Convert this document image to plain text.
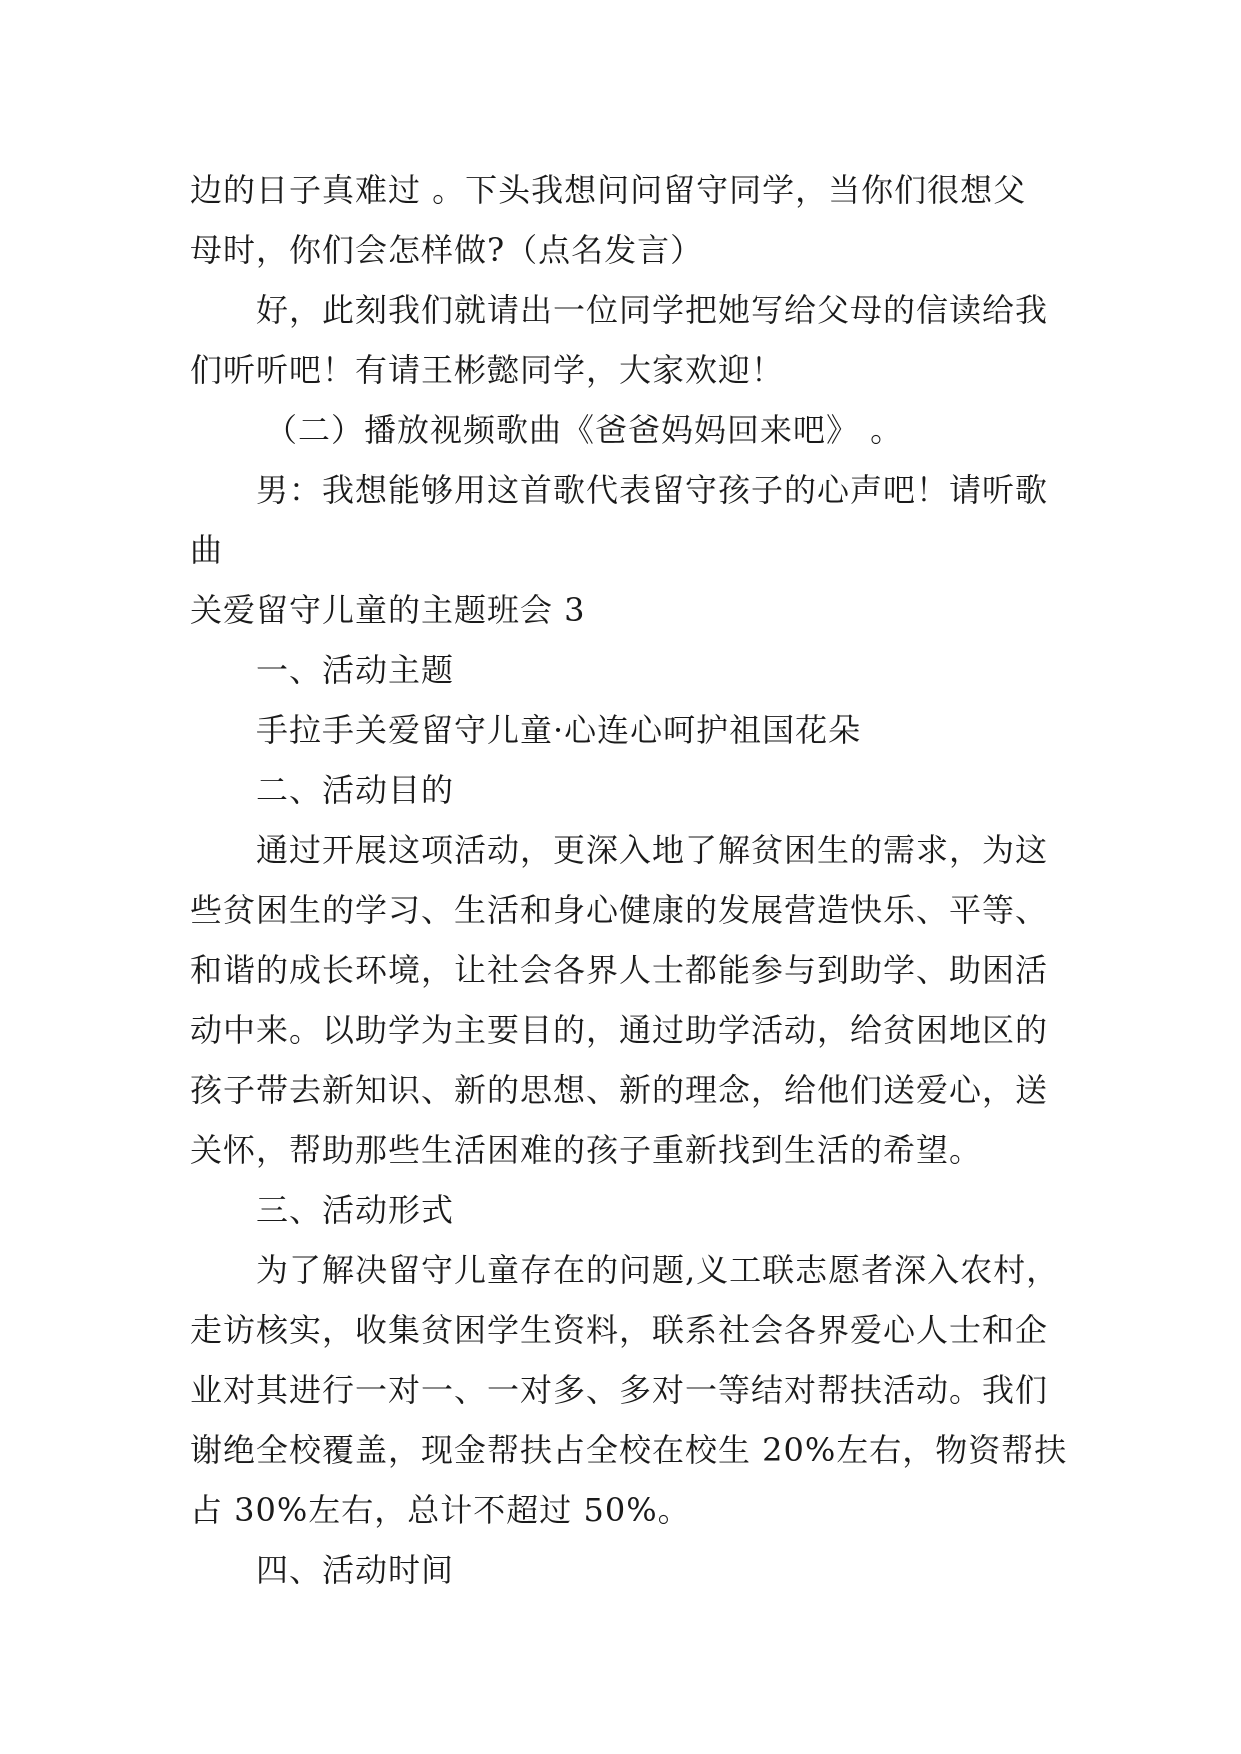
边的日子真难过 。下头我想问问留守同学，当你们很想父
母时，你们会怎样做?（点名发言）
好，此刻我们就请出一位同学把她写给父母的信读给我
们听听吧！有请王彬懿同学，大家欢迎！
（二）播放视频歌曲《爸爸妈妈回来吧》 。
男：我想能够用这首歌代表留守孩子的心声吧！请听歌
曲
关爱留守儿童的主题班会 3
一、活动主题
手拉手关爱留守儿童·心连心呵护祖国花朵
二、活动目的
通过开展这项活动，更深入地了解贫困生的需求，为这
些贫困生的学习、生活和身心健康的发展营造快乐、平等、
和谐的成长环境，让社会各界人士都能参与到助学、助困活
动中来。以助学为主要目的，通过助学活动，给贫困地区的
孩子带去新知识、新的思想、新的理念，给他们送爱心，送
关怀，帮助那些生活困难的孩子重新找到生活的希望。
三、活动形式
为了解决留守儿童存在的问题,义工联志愿者深入农村，
走访核实，收集贫困学生资料，联系社会各界爱心人士和企
业对其进行一对一、一对多、多对一等结对帮扶活动。我们
谢绝全校覆盖，现金帮扶占全校在校生 20%左右，物资帮扶
占 30%左右，总计不超过 50%。
四、活动时间
